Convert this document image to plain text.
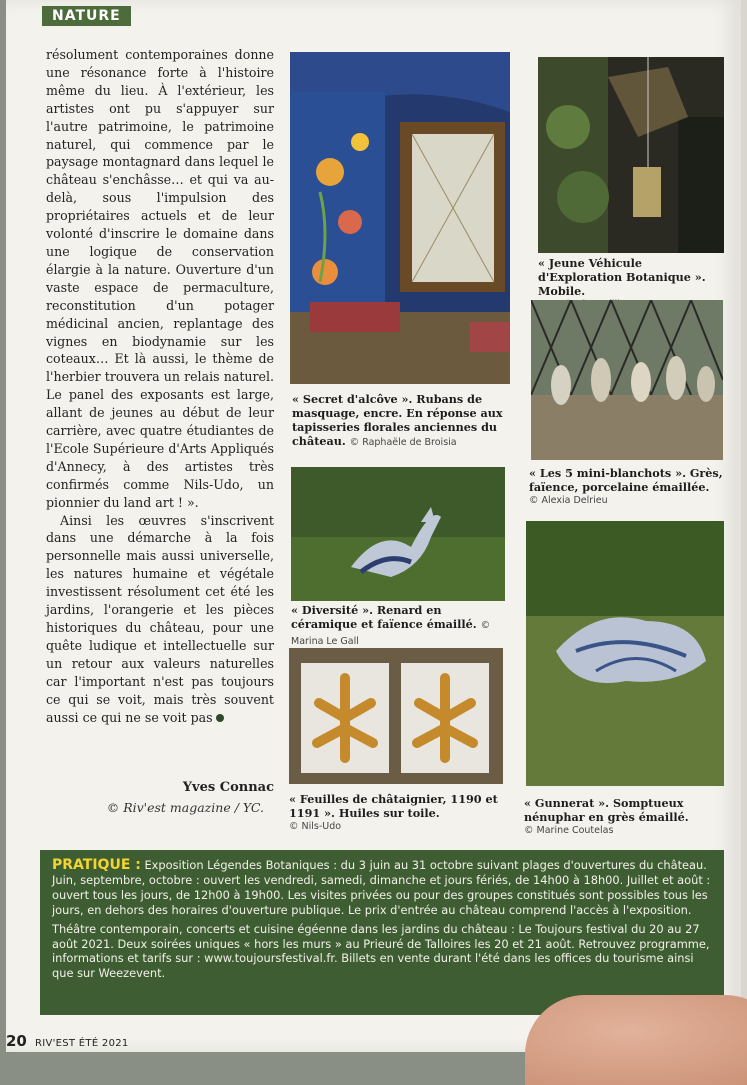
NATURE

résolument contemporaines donne une résonance forte à l'histoire même du lieu. À l'extérieur, les artistes ont pu s'appuyer sur l'autre patrimoine, le patrimoine naturel, qui commence par le paysage montagnard dans lequel le château s'enchâsse… et qui va au-delà, sous l'impulsion des propriétaires actuels et de leur volonté d'inscrire le domaine dans une logique de conservation élargie à la nature. Ouverture d'un vaste espace de permaculture, reconstitution d'un potager médicinal ancien, replantage des vignes en biodynamie sur les coteaux… Et là aussi, le thème de l'herbier trouvera un relais naturel. Le panel des exposants est large, allant de jeunes au début de leur carrière, avec quatre étudiantes de l'Ecole Supérieure d'Arts Appliqués d'Annecy, à des artistes très confirmés comme Nils-Udo, un pionnier du land art ! ».

Ainsi les œuvres s'inscrivent dans une démarche à la fois personnelle mais aussi universelle, les natures humaine et végétale investissent résolument cet été les jardins, l'orangerie et les pièces historiques du château, pour une quête ludique et intellectuelle sur un retour aux valeurs naturelles car l'important n'est pas toujours ce qui se voit, mais très souvent aussi ce qui ne se voit pas

Yves Connac
© Riv'est magazine / YC.
« Secret d'alcôve ». Rubans de masquage, encre. En réponse aux tapisseries florales anciennes du château. © Raphaële de Broisia
« Jeune Véhicule d'Exploration Botanique ». Mobile.
« Les 5 mini-blanchots ». Grès, faïence, porcelaine émaillée.
© Alexia Delrieu
« Diversité ». Renard en céramique et faïence émaillé. © Marina Le Gall
« Feuilles de châtaignier, 1190 et 1191 ». Huiles sur toile.
© Nils-Udo
« Gunnerat ». Somptueux nénuphar en grès émaillé.
© Marine Coutelas

PRATIQUE : Exposition Légendes Botaniques : du 3 juin au 31 octobre suivant plages d'ouvertures du château. Juin, septembre, octobre : ouvert les vendredi, samedi, dimanche et jours fériés, de 14h00 à 18h00. Juillet et août : ouvert tous les jours, de 12h00 à 19h00. Les visites privées ou pour des groupes constitués sont possibles tous les jours, en dehors des horaires d'ouverture publique. Le prix d'entrée au château comprend l'accès à l'exposition.

Théâtre contemporain, concerts et cuisine égéenne dans les jardins du château : Le Toujours festival du 20 au 27 août 2021. Deux soirées uniques « hors les murs » au Prieuré de Talloires les 20 et 21 août. Retrouvez programme, informations et tarifs sur : www.toujoursfestival.fr. Billets en vente durant l'été dans les offices du tourisme ainsi que sur Weezevent.

20 RIV'EST ÉTÉ 2021
